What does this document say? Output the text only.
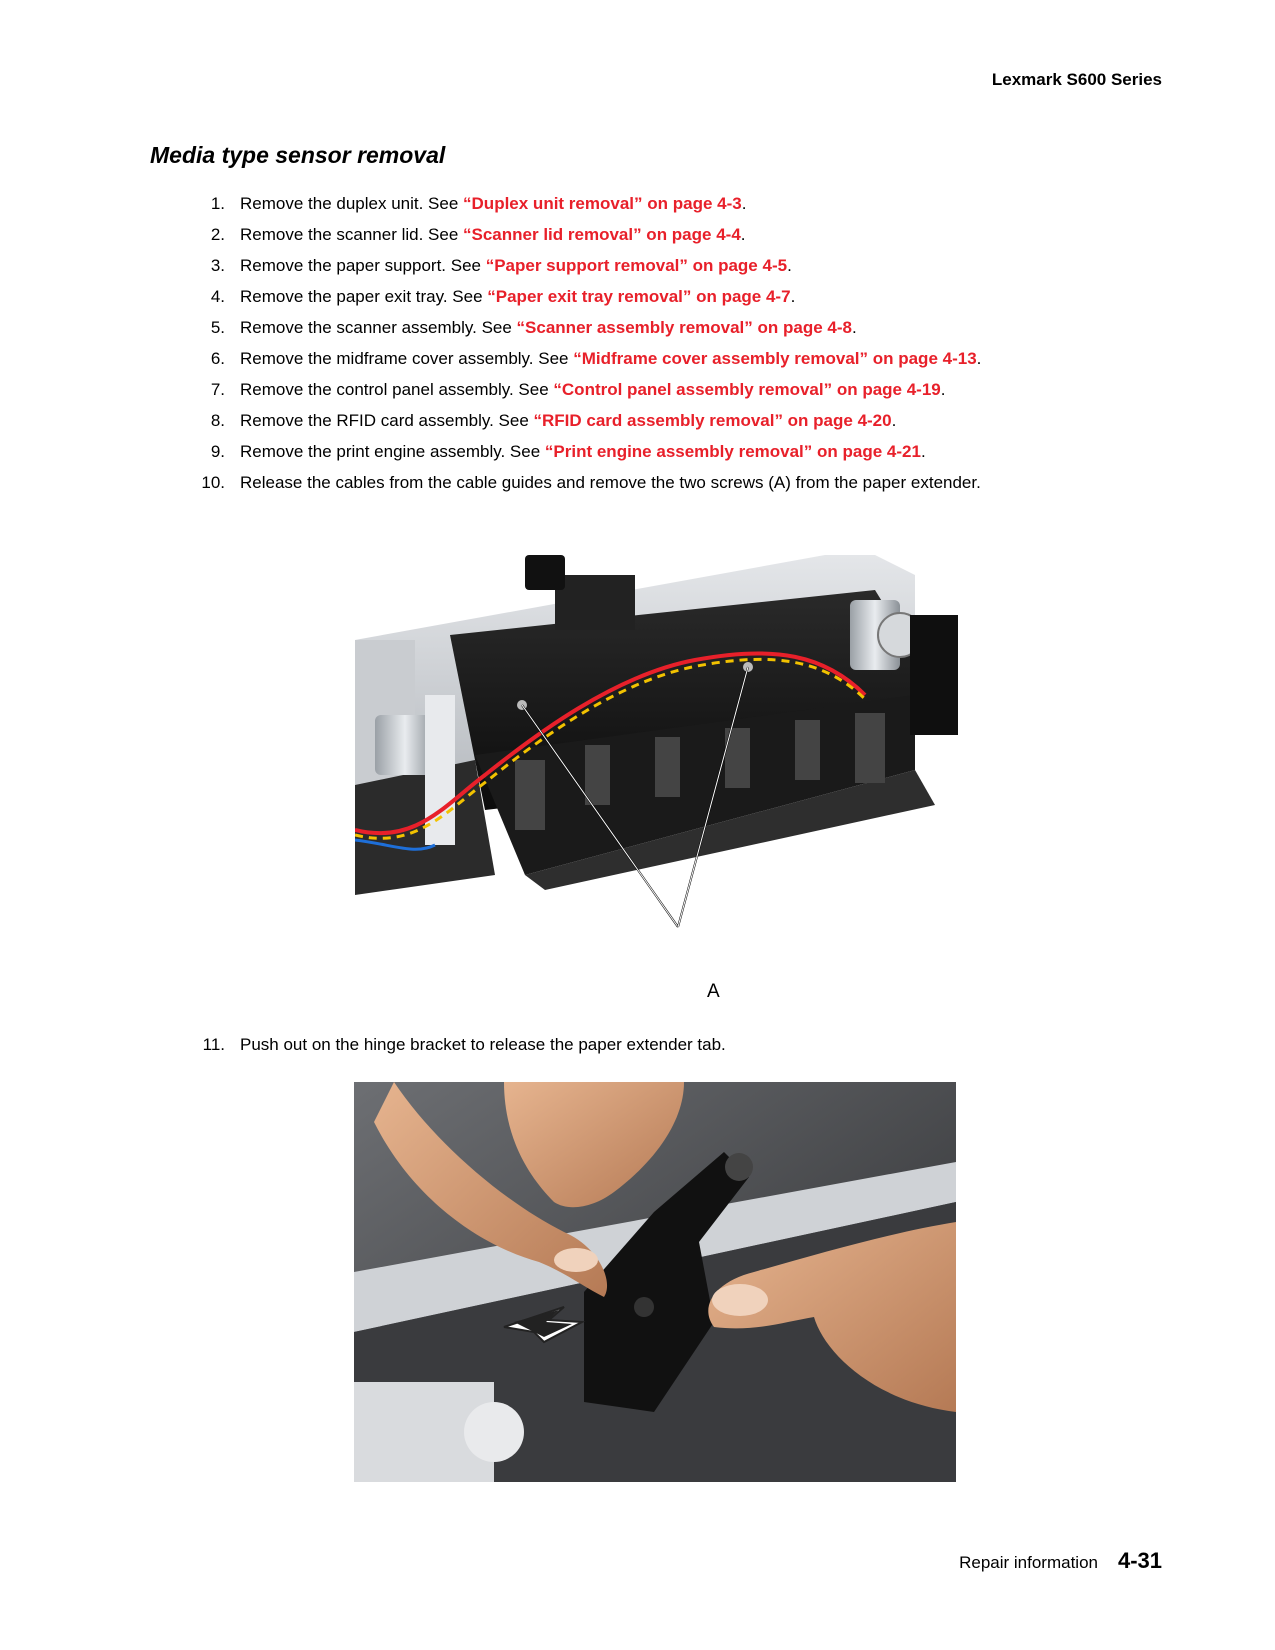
Lexmark S600 Series
Media type sensor removal
1. Remove the duplex unit. See “Duplex unit removal” on page 4-3.
2. Remove the scanner lid. See “Scanner lid removal” on page 4-4.
3. Remove the paper support. See “Paper support removal” on page 4-5.
4. Remove the paper exit tray. See “Paper exit tray removal” on page 4-7.
5. Remove the scanner assembly. See “Scanner assembly removal” on page 4-8.
6. Remove the midframe cover assembly. See “Midframe cover assembly removal” on page 4-13.
7. Remove the control panel assembly. See “Control panel assembly removal” on page 4-19.
8. Remove the RFID card assembly. See “RFID card assembly removal” on page 4-20.
9. Remove the print engine assembly. See “Print engine assembly removal” on page 4-21.
10. Release the cables from the cable guides and remove the two screws (A) from the paper extender.
A
11. Push out on the hinge bracket to release the paper extender tab.
Repair information 4-31
